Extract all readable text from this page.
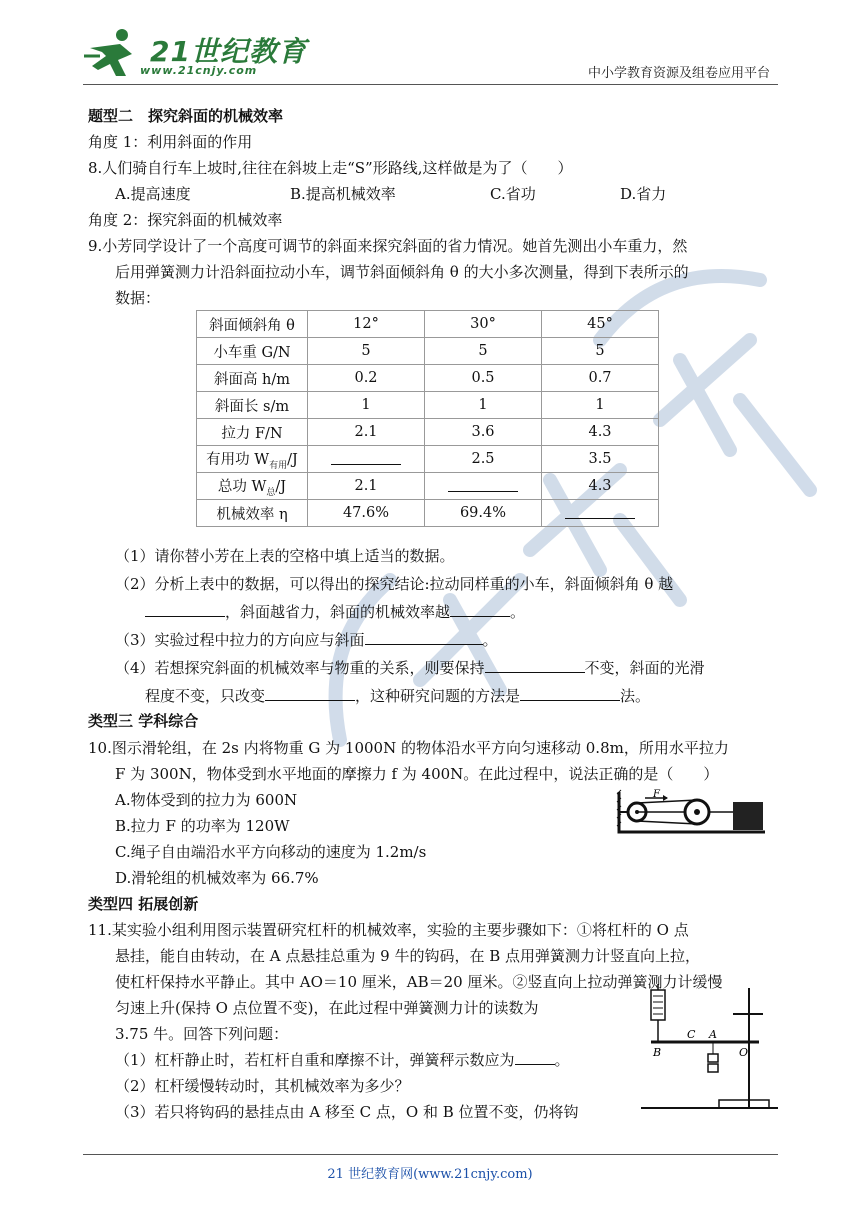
21世纪教育
www.21cnjy.com	中小学教育资源及组卷应用平台
题型二　探究斜面的机械效率
角度 1：利用斜面的作用
8.人们骑自行车上坡时,往往在斜坡上走“S”形路线,这样做是为了（　　）
A.提高速度	B.提高机械效率	C.省功	D.省力
角度 2：探究斜面的机械效率
9.小芳同学设计了一个高度可调节的斜面来探究斜面的省力情况。她首先测出小车重力，然
后用弹簧测力计沿斜面拉动小车，调节斜面倾斜角 θ 的大小多次测量，得到下表所示的
数据：
斜面倾斜角 θ	12°	30°	45°
小车重 G/N	5	5	5
斜面高 h/m	0.2	0.5	0.7
斜面长 s/m	1	1	1
拉力 F/N	2.1	3.6	4.3
有用功 $W_{有用}/J$		2.5	3.5
总功 $W_总/J$	2.1		4.3
机械效率 η	47.6%	69.4%	
（1）请你替小芳在上表的空格中填上适当的数据。
（2）分析上表中的数据，可以得出的探究结论:拉动同样重的小车，斜面倾斜角 θ 越
，斜面越省力，斜面的机械效率越	。
（3）实验过程中拉力的方向应与斜面	。
（4）若想探究斜面的机械效率与物重的关系，则要保持	不变，斜面的光滑
程度不变，只改变	，这种研究问题的方法是	法。
类型三 学科综合
10.图示滑轮组，在 2s 内将物重 G 为 1000N 的物体沿水平方向匀速移动 0.8m，所用水平拉力
F 为 300N，物体受到水平地面的摩擦力 f 为 400N。在此过程中，说法正确的是（　　）
A.物体受到的拉力为 600N
B.拉力 F 的功率为 120W
C.绳子自由端沿水平方向移动的速度为 1.2m/s
D.滑轮组的机械效率为 66.7%
F
类型四 拓展创新
11.某实验小组利用图示装置研究杠杆的机械效率，实验的主要步骤如下：①将杠杆的 O 点
悬挂，能自由转动，在 A 点悬挂总重为 9 牛的钩码，在 B 点用弹簧测力计竖直向上拉，
使杠杆保持水平静止。其中 AO＝10 厘米，AB＝20 厘米。②竖直向上拉动弹簧测力计缓慢
匀速上升(保持 O 点位置不变)，在此过程中弹簧测力计的读数为
3.75 牛。回答下列问题：
（1）杠杆静止时，若杠杆自重和摩擦不计，弹簧秤示数应为	。
（2）杠杆缓慢转动时，其机械效率为多少？
（3）若只将钩码的悬挂点由 A 移至 C 点，O 和 B 位置不变，仍将钩
B
C A
O
21 世纪教育网(www.21cnjy.com)
